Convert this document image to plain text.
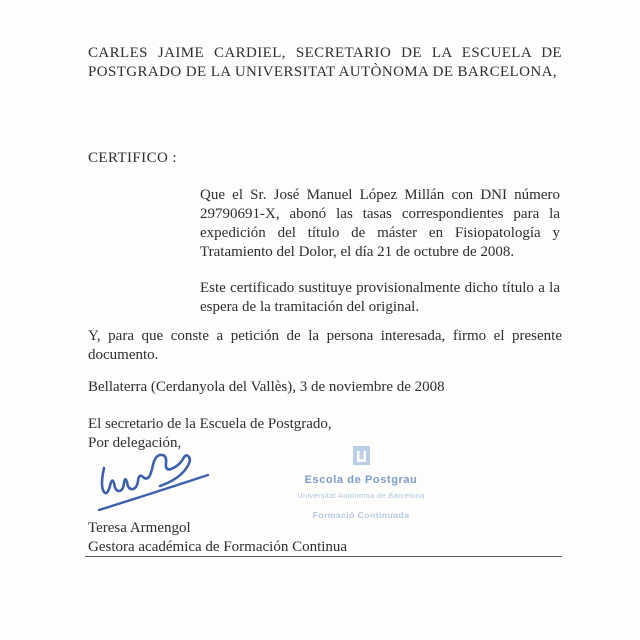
CARLES JAIME CARDIEL, SECRETARIO DE LA ESCUELA DE POSTGRADO DE LA UNIVERSITAT AUTÒNOMA DE BARCELONA,
CERTIFICO :
Que el Sr. José Manuel López Millán con DNI número 29790691-X, abonó las tasas correspondientes para la expedición del título de máster en Fisiopatología y Tratamiento del Dolor, el día 21 de octubre de 2008.
Este certificado sustituye provisionalmente dicho título a la espera de la tramitación del original.
Y, para que conste a petición de la persona interesada, firmo el presente documento.
Bellaterra (Cerdanyola del Vallès), 3 de noviembre de 2008
El secretario de la Escuela de Postgrado,
Por delegación,
Escola de Postgrau
Universitat Autònoma de Barcelona
Formació Continuada
Teresa Armengol
Gestora académica de Formación Continua
